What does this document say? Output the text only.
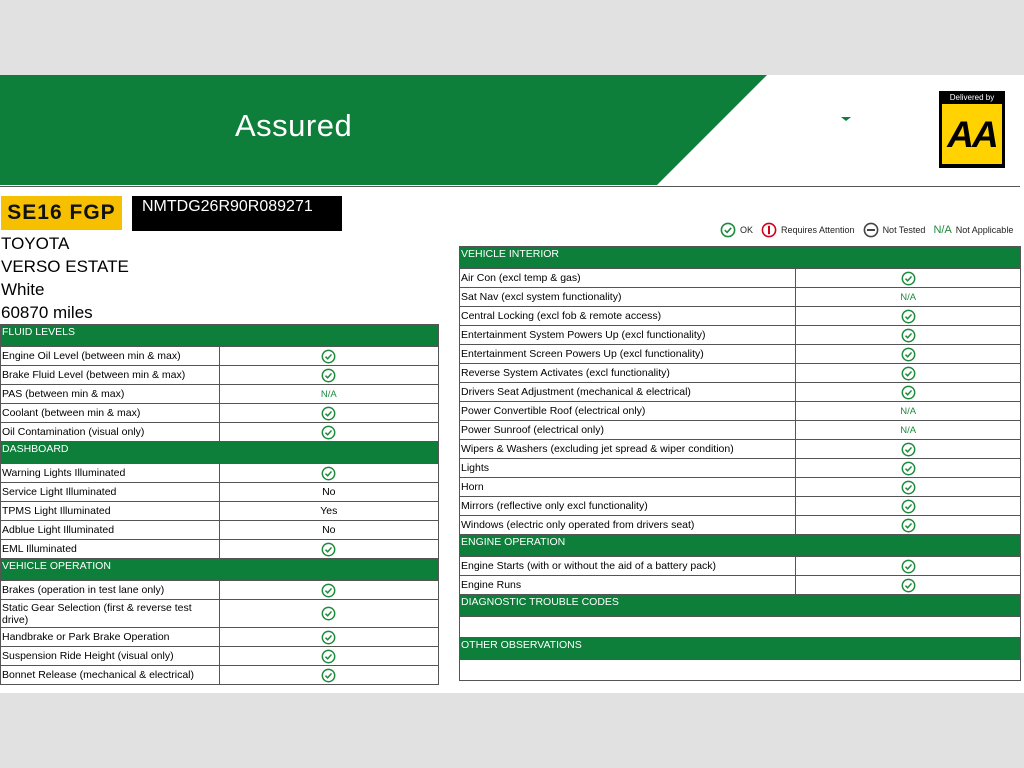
Assured
Delivered by
AA
SE16 FGP	NMTDG26R90R089271
TOYOTA
VERSO ESTATE
White
60870 miles
OK	Requires Attention	Not Tested N/A Not Applicable
FLUID LEVELS	
Engine Oil Level (between min & max)	
Brake Fluid Level (between min & max)	
PAS (between min & max)	N/A
Coolant (between min & max)	
Oil Contamination (visual only)	
DASHBOARD	
Warning Lights Illuminated	
Service Light Illuminated	No
TPMS Light Illuminated	Yes
Adblue Light Illuminated	No
EML Illuminated	
VEHICLE OPERATION	
Brakes (operation in test lane only)	
Static Gear Selection (first & reverse test drive)	
Handbrake or Park Brake Operation	
Suspension Ride Height (visual only)	
Bonnet Release (mechanical & electrical)	
VEHICLE INTERIOR	
Air Con (excl temp & gas)	
Sat Nav (excl system functionality)	N/A
Central Locking (excl fob & remote access)	
Entertainment System Powers Up (excl functionality)	
Entertainment Screen Powers Up (excl functionality)	
Reverse System Activates (excl functionality)	
Drivers Seat Adjustment (mechanical & electrical)	
Power Convertible Roof (electrical only)	N/A
Power Sunroof (electrical only)	N/A
Wipers & Washers (excluding jet spread & wiper condition)	
Lights	
Horn	
Mirrors (reflective only excl functionality)	
Windows (electric only operated from drivers seat)	
ENGINE OPERATION	
Engine Starts (with or without the aid of a battery pack)	
Engine Runs	
DIAGNOSTIC TROUBLE CODES	

OTHER OBSERVATIONS	
